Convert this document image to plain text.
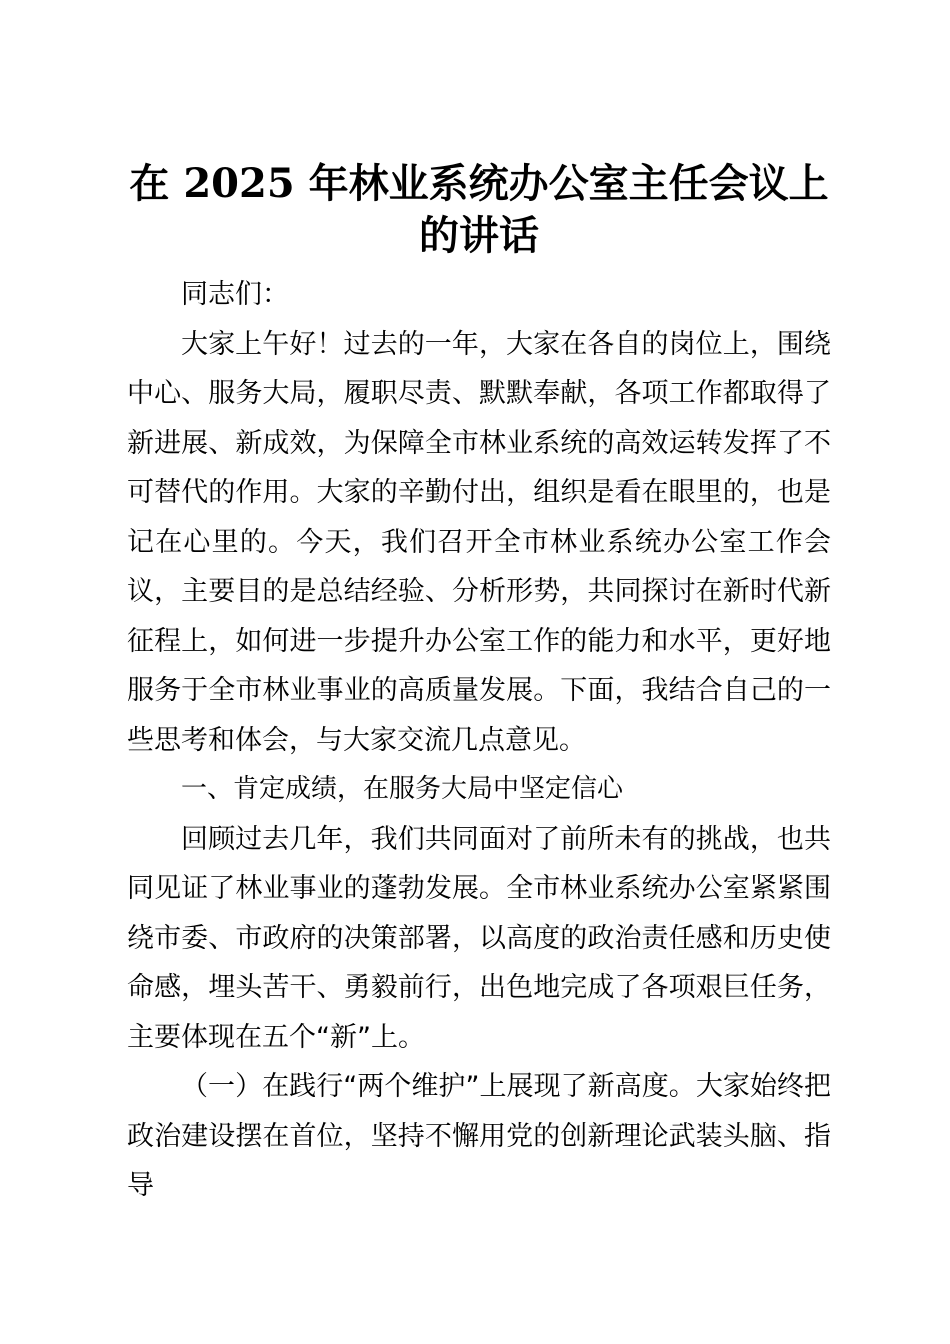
在 2025 年林业系统办公室主任会议上
的讲话

同志们：

大家上午好！过去的一年，大家在各自的岗位上，围绕中心、服务大局，履职尽责、默默奉献，各项工作都取得了新进展、新成效，为保障全市林业系统的高效运转发挥了不可替代的作用。大家的辛勤付出，组织是看在眼里的，也是记在心里的。今天，我们召开全市林业系统办公室工作会议，主要目的是总结经验、分析形势，共同探讨在新时代新征程上，如何进一步提升办公室工作的能力和水平，更好地服务于全市林业事业的高质量发展。下面，我结合自己的一些思考和体会，与大家交流几点意见。

一、肯定成绩，在服务大局中坚定信心

回顾过去几年，我们共同面对了前所未有的挑战，也共同见证了林业事业的蓬勃发展。全市林业系统办公室紧紧围绕市委、市政府的决策部署，以高度的政治责任感和历史使命感，埋头苦干、勇毅前行，出色地完成了各项艰巨任务，主要体现在五个“新”上。

（一）在践行“两个维护”上展现了新高度。大家始终把政治建设摆在首位，坚持不懈用党的创新理论武装头脑、指导
